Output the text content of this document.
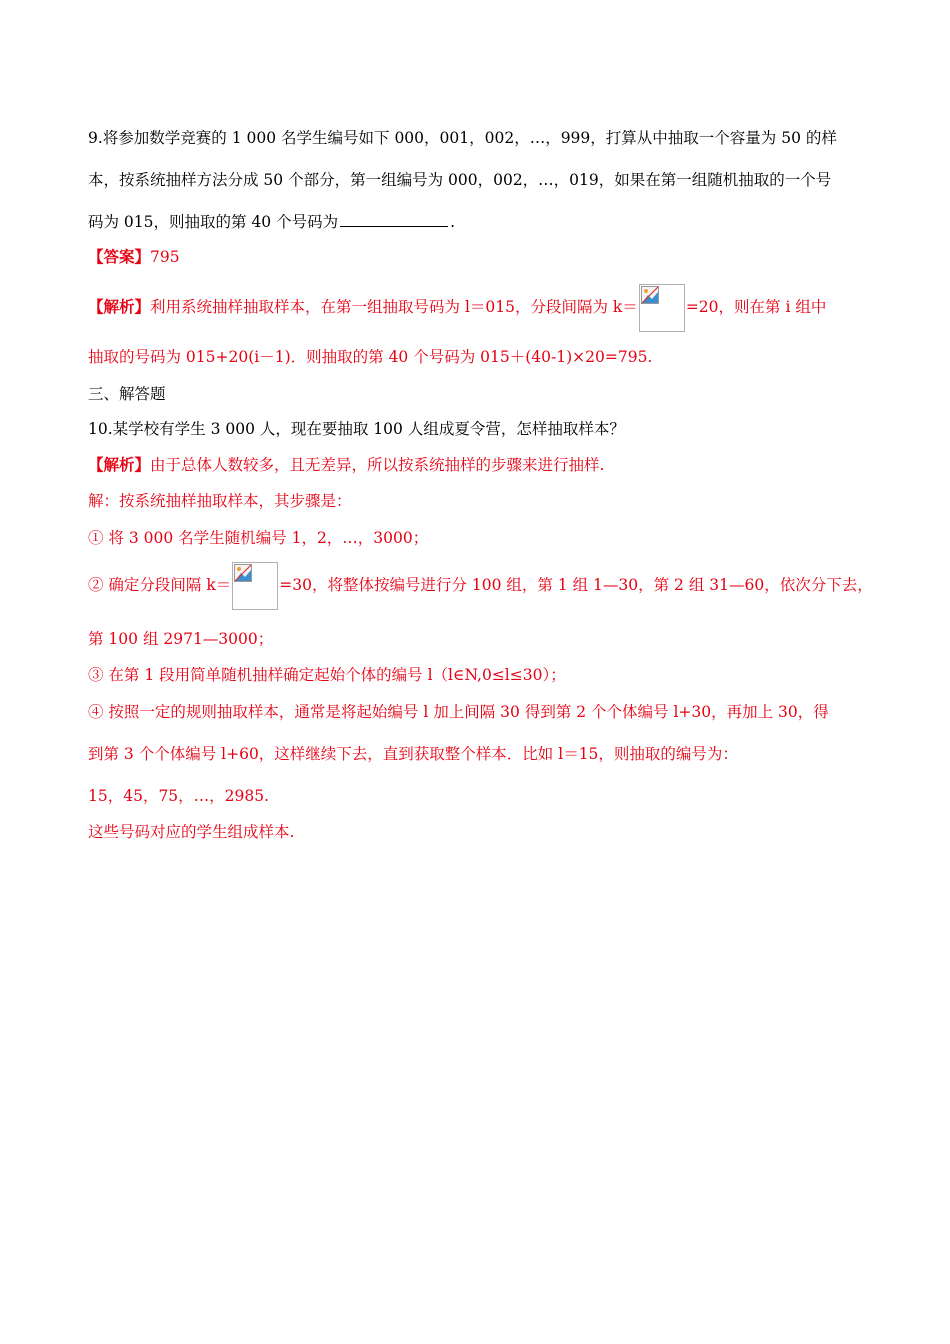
9.将参加数学竞赛的 1 000 名学生编号如下 000，001，002，…，999，打算从中抽取一个容量为 50 的样
本，按系统抽样方法分成 50 个部分，第一组编号为 000，002，…，019，如果在第一组随机抽取的一个号
码为 015，则抽取的第 40 个号码为	.
【答案】795
【解析】利用系统抽样抽取样本，在第一组抽取号码为 l＝015，分段间隔为 k＝	=20，则在第 i 组中
抽取的号码为 015+20(i－1)．则抽取的第 40 个号码为 015＋(40-1)×20=795.
三、解答题
10.某学校有学生 3 000 人，现在要抽取 100 人组成夏令营，怎样抽取样本？
【解析】由于总体人数较多，且无差异，所以按系统抽样的步骤来进行抽样.
解：按系统抽样抽取样本，其步骤是：
① 将 3 000 名学生随机编号 1，2，…，3000；
② 确定分段间隔 k＝	=30，将整体按编号进行分 100 组，第 1 组 1—30，第 2 组 31—60，依次分下去，
第 100 组 2971—3000；
③ 在第 1 段用简单随机抽样确定起始个体的编号 l（l∈N,0≤l≤30）；
④ 按照一定的规则抽取样本，通常是将起始编号 l 加上间隔 30 得到第 2 个个体编号 l+30，再加上 30，得
到第 3 个个体编号 l+60，这样继续下去，直到获取整个样本．比如 l＝15，则抽取的编号为：
15，45，75，…，2985.
这些号码对应的学生组成样本.
